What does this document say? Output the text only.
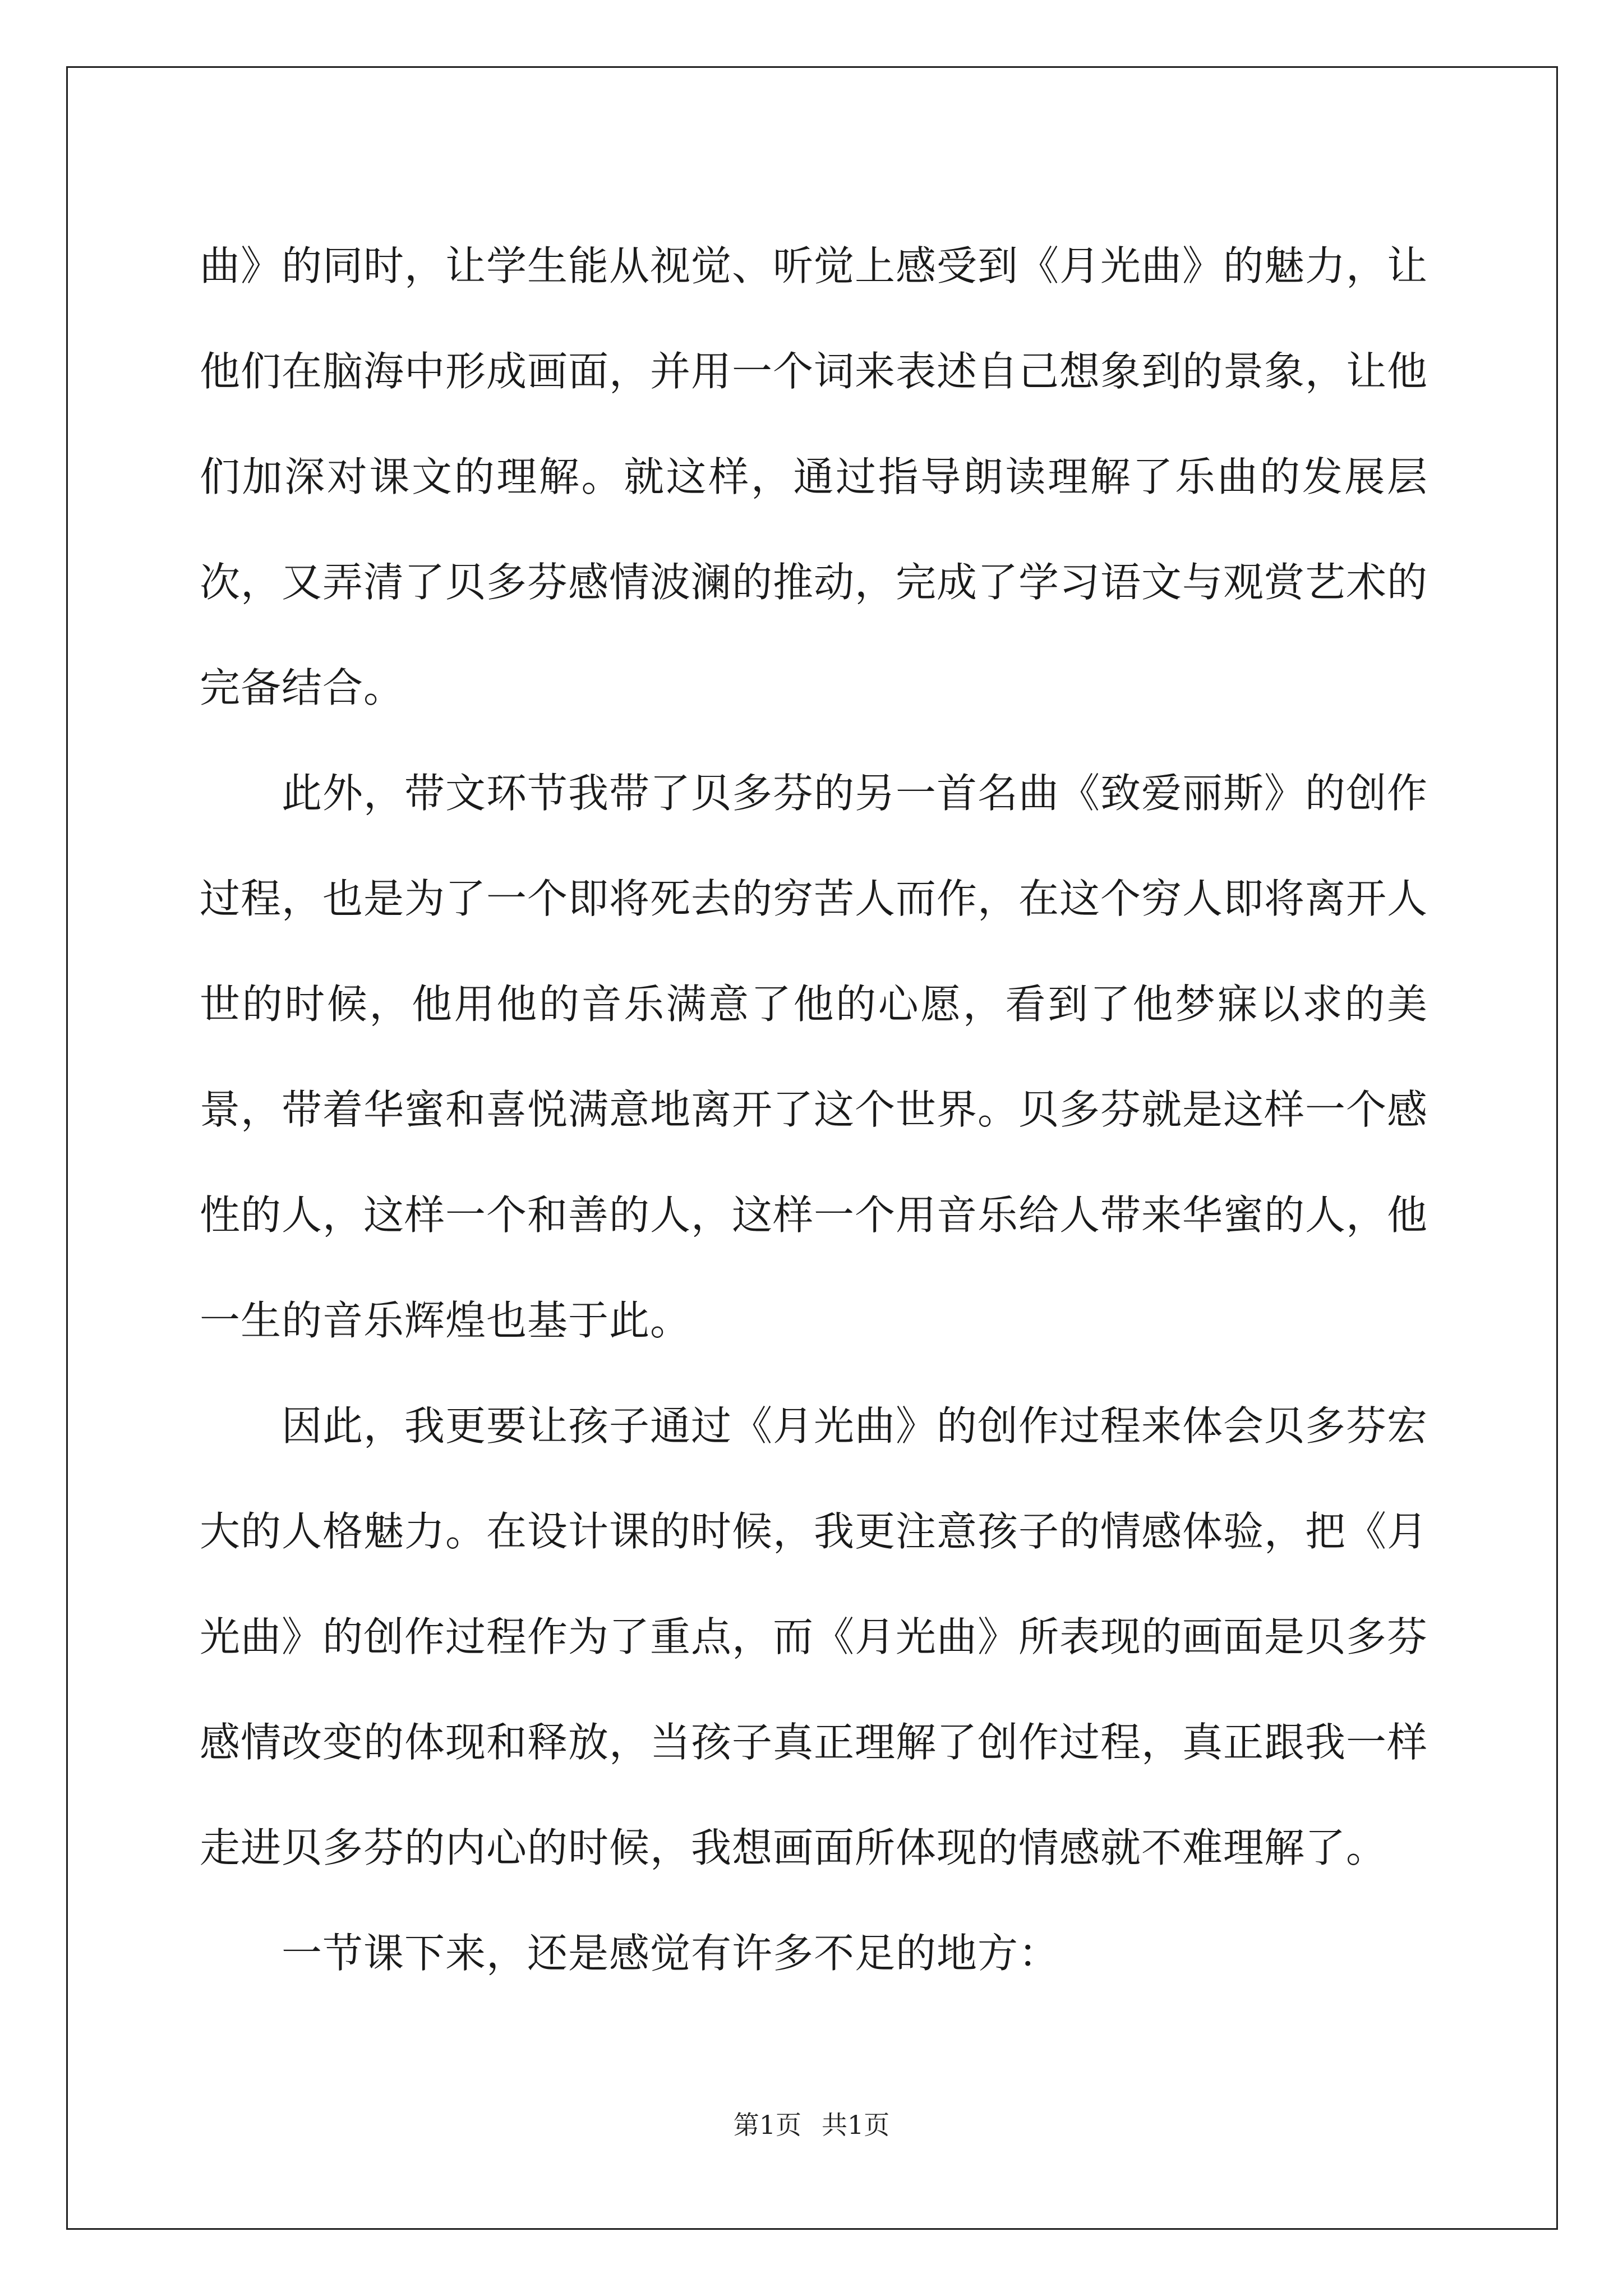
曲》的同时，让学生能从视觉、听觉上感受到《月光曲》的魅力，让他们在脑海中形成画面，并用一个词来表述自己想象到的景象，让他们加深对课文的理解。就这样，通过指导朗读理解了乐曲的发展层次，又弄清了贝多芬感情波澜的推动，完成了学习语文与观赏艺术的完备结合。

此外，带文环节我带了贝多芬的另一首名曲《致爱丽斯》的创作过程，也是为了一个即将死去的穷苦人而作，在这个穷人即将离开人世的时候，他用他的音乐满意了他的心愿，看到了他梦寐以求的美景，带着华蜜和喜悦满意地离开了这个世界。贝多芬就是这样一个感性的人，这样一个和善的人，这样一个用音乐给人带来华蜜的人，他一生的音乐辉煌也基于此。

因此，我更要让孩子通过《月光曲》的创作过程来体会贝多芬宏大的人格魅力。在设计课的时候，我更注意孩子的情感体验，把《月光曲》的创作过程作为了重点，而《月光曲》所表现的画面是贝多芬感情改变的体现和释放，当孩子真正理解了创作过程，真正跟我一样走进贝多芬的内心的时候，我想画面所体现的情感就不难理解了。

一节课下来，还是感觉有许多不足的地方：

第1页 共1页
